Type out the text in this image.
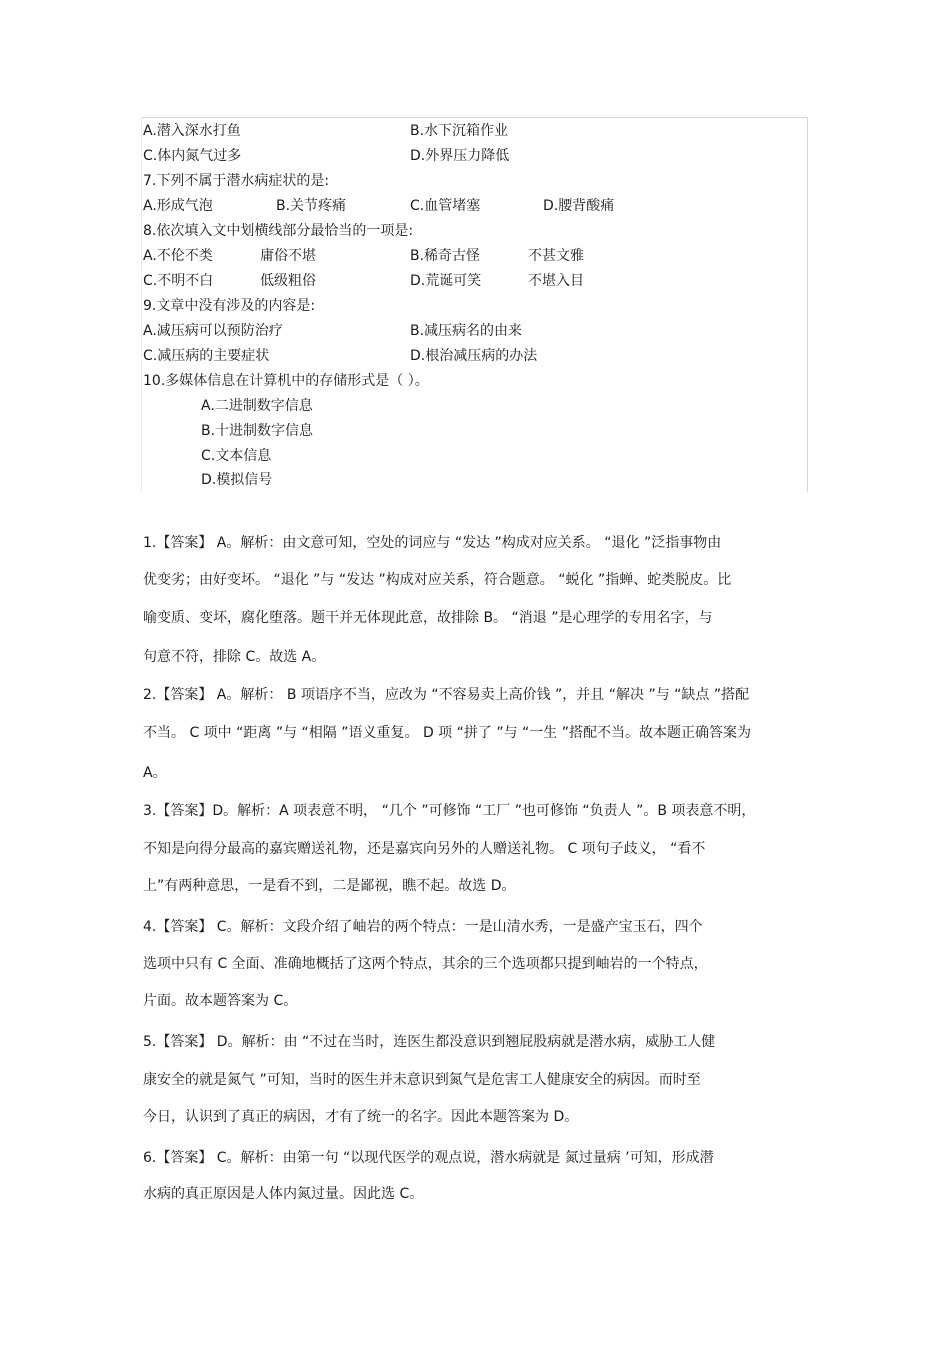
A.潜入深水打鱼	B.水下沉箱作业
C.体内氮气过多	D.外界压力降低
7.下列不属于潜水病症状的是:
A.形成气泡	B.关节疼痛	C.血管堵塞	D.腰背酸痛
8.依次填入文中划横线部分最恰当的一项是:
A.不伦不类	庸俗不堪	B.稀奇古怪	不甚文雅
C.不明不白	低级粗俗	D.荒诞可笑	不堪入目
9.文章中没有涉及的内容是:
A.减压病可以预防治疗	B.减压病名的由来
C.减压病的主要症状	D.根治减压病的办法
10.多媒体信息在计算机中的存储形式是（ ）。
A.二进制数字信息
B.十进制数字信息
C.文本信息
D.模拟信号
1.【答案】 A。解析：由文意可知，空处的词应与 “发达 ”构成对应关系。 “退化 ”泛指事物由
优变劣；由好变坏。 “退化 ”与 “发达 ”构成对应关系，符合题意。 “蜕化 ”指蝉、蛇类脱皮。比
喻变质、变坏，腐化堕落。题干并无体现此意，故排除 B。 “消退 ”是心理学的专用名字，与
句意不符，排除 C。故选 A。
2.【答案】 A。解析： B 项语序不当，应改为 “不容易卖上高价钱 ”，并且 “解决 ”与 “缺点 ”搭配
不当。 C 项中 “距离 ”与 “相隔 ”语义重复。 D 项 “拼了 ”与 “一生 ”搭配不当。故本题正确答案为
A。
3.【答案】D。解析：A 项表意不明， “几个 ”可修饰 “工厂 ”也可修饰 “负责人 ”。B 项表意不明，
不知是向得分最高的嘉宾赠送礼物，还是嘉宾向另外的人赠送礼物。 C 项句子歧义， “看不
上”有两种意思，一是看不到，二是鄙视，瞧不起。故选 D。
4.【答案】 C。解析：文段介绍了岫岩的两个特点：一是山清水秀，一是盛产宝玉石，四个
选项中只有 C 全面、准确地概括了这两个特点，其余的三个选项都只提到岫岩的一个特点，
片面。故本题答案为 C。
5.【答案】 D。解析：由 “不过在当时，连医生都没意识到翘屁股病就是潜水病，威胁工人健
康安全的就是氮气 ”可知，当时的医生并未意识到氮气是危害工人健康安全的病因。而时至
今日，认识到了真正的病因，才有了统一的名字。因此本题答案为 D。
6.【答案】 C。解析：由第一句 “以现代医学的观点说，潜水病就是 氮过量病 ’可知，形成潜
水病的真正原因是人体内氮过量。因此选 C。
